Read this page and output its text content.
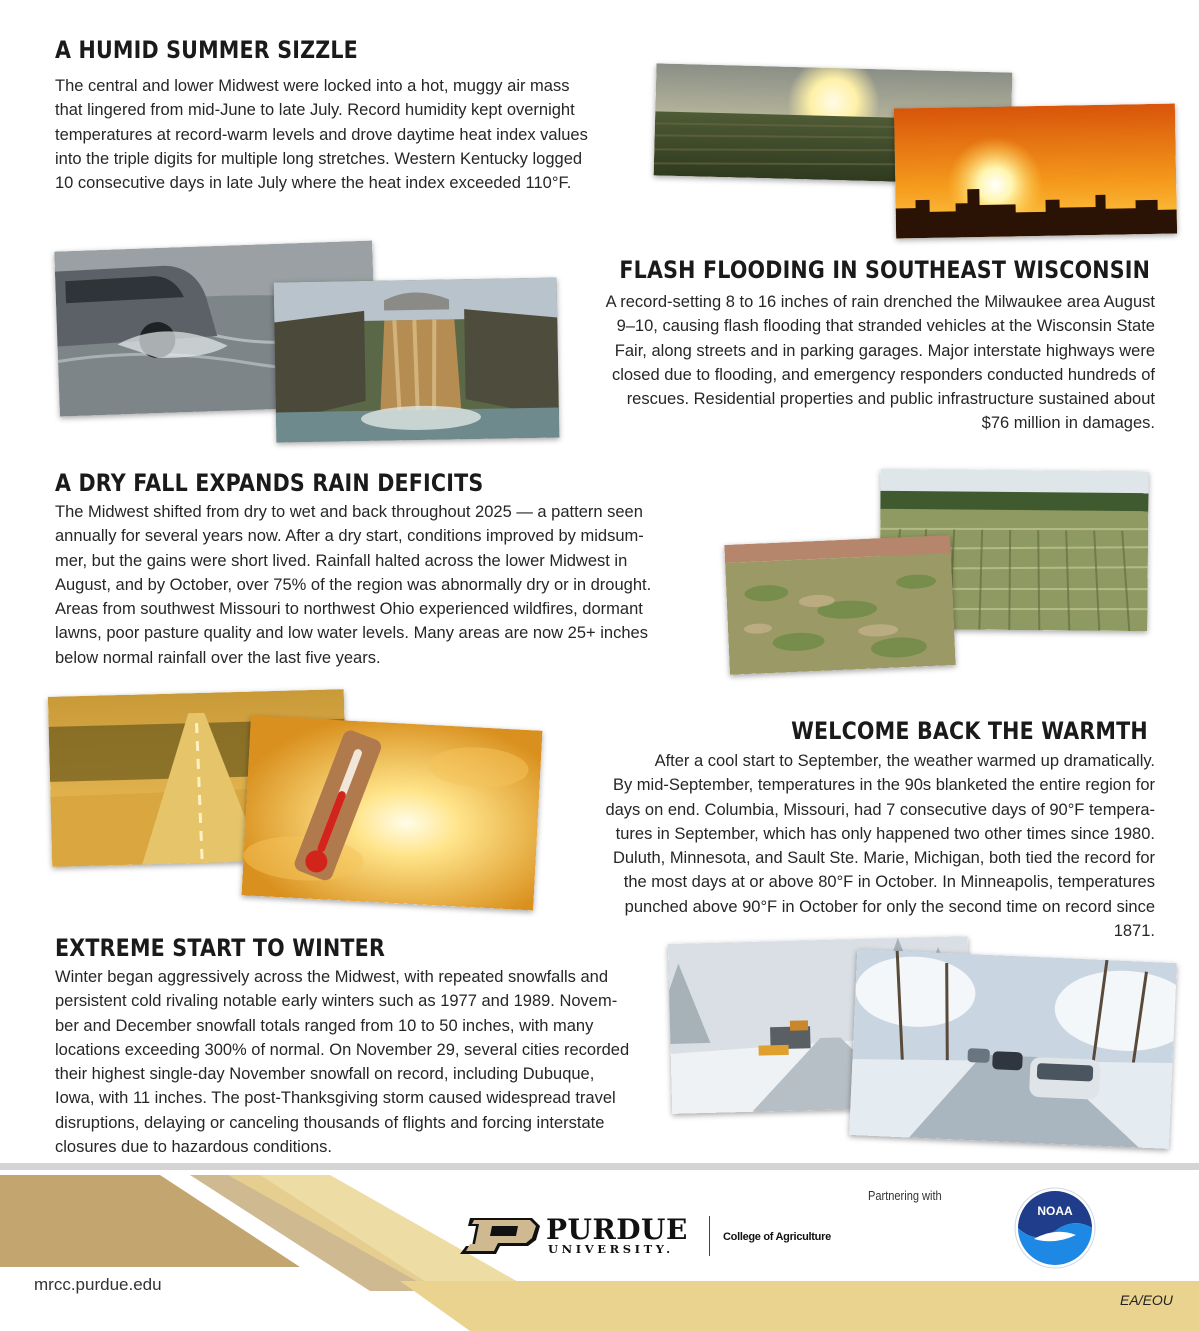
A HUMID SUMMER SIZZLE
The central and lower Midwest were locked into a hot, muggy air mass
that lingered from mid-June to late July. Record humidity kept overnight
temperatures at record-warm levels and drove daytime heat index values
into the triple digits for multiple long stretches. Western Kentucky logged
10 consecutive days in late July where the heat index exceeded 110°F.
FLASH FLOODING IN SOUTHEAST WISCONSIN
A record-setting 8 to 16 inches of rain drenched the Milwaukee area August
9–10, causing flash flooding that stranded vehicles at the Wisconsin State
Fair, along streets and in parking garages. Major interstate highways were
closed due to flooding, and emergency responders conducted hundreds of
rescues. Residential properties and public infrastructure sustained about
$76 million in damages.
A DRY FALL EXPANDS RAIN DEFICITS
The Midwest shifted from dry to wet and back throughout 2025 — a pattern seen
annually for several years now. After a dry start, conditions improved by midsum-
mer, but the gains were short lived. Rainfall halted across the lower Midwest in
August, and by October, over 75% of the region was abnormally dry or in drought.
Areas from southwest Missouri to northwest Ohio experienced wildfires, dormant
lawns, poor pasture quality and low water levels. Many areas are now 25+ inches
below normal rainfall over the last five years.
WELCOME BACK THE WARMTH
After a cool start to September, the weather warmed up dramatically.
By mid-September, temperatures in the 90s blanketed the entire region for
days on end. Columbia, Missouri, had 7 consecutive days of 90°F tempera-
tures in September, which has only happened two other times since 1980.
Duluth, Minnesota, and Sault Ste. Marie, Michigan, both tied the record for
the most days at or above 80°F in October. In Minneapolis, temperatures
punched above 90°F in October for only the second time on record since
1871.
EXTREME START TO WINTER
Winter began aggressively across the Midwest, with repeated snowfalls and
persistent cold rivaling notable early winters such as 1977 and 1989. Novem-
ber and December snowfall totals ranged from 10 to 50 inches, with many
locations exceeding 300% of normal. On November 29, several cities recorded
their highest single-day November snowfall on record, including Dubuque,
Iowa, with 11 inches. The post-Thanksgiving storm caused widespread travel
disruptions, delaying or canceling thousands of flights and forcing interstate
closures due to hazardous conditions.
mrcc.purdue.edu
Partnering with
PURDUE
UNIVERSITY.
College of Agriculture
NOAA
EA/EOU
